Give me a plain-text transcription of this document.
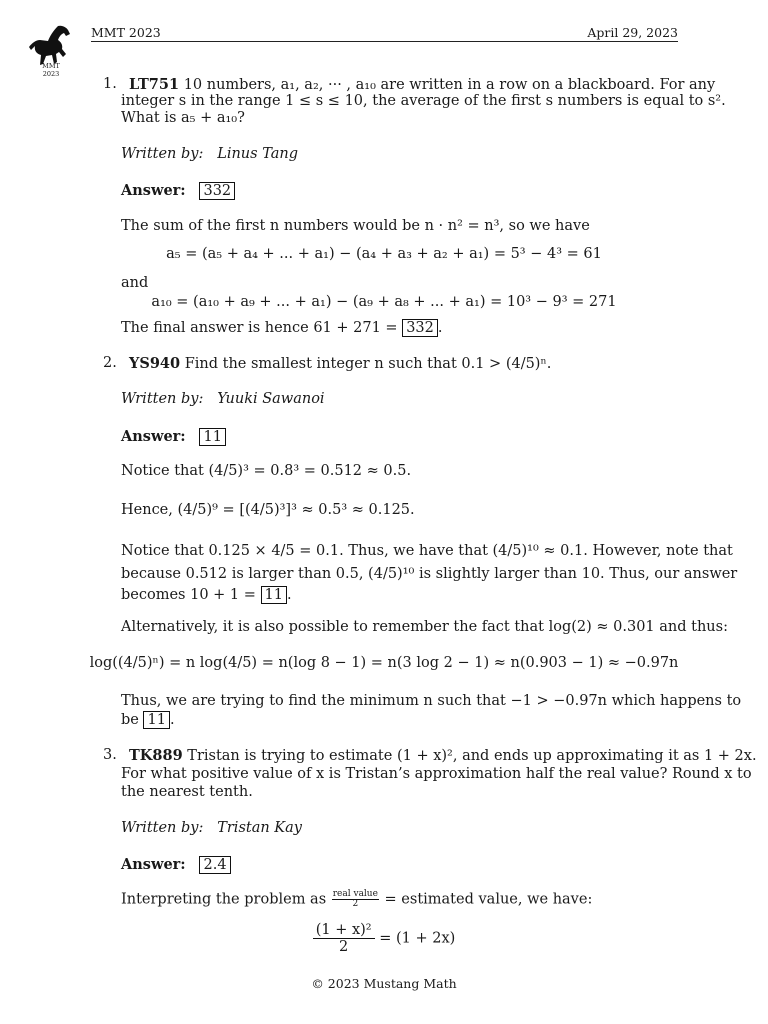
MMT
2023
MMT 2023	April 29, 2023
1. LT751 10 numbers, a₁, a₂, ··· , a₁₀ are written in a row on a blackboard. For any
integer s in the range 1 ≤ s ≤ 10, the average of the first s numbers is equal to s².
What is a₅ + a₁₀?
Written by: Linus Tang
Answer: 332
The sum of the first n numbers would be n · n² = n³, so we have
a₅ = (a₅ + a₄ + ... + a₁) − (a₄ + a₃ + a₂ + a₁) = 5³ − 4³ = 61
and
a₁₀ = (a₁₀ + a₉ + ... + a₁) − (a₉ + a₈ + ... + a₁) = 10³ − 9³ = 271
The final answer is hence 61 + 271 = 332 .
2. YS940 Find the smallest integer n such that 0.1 > (4/5)ⁿ.
Written by: Yuuki Sawanoi
Answer: 11
Notice that (4/5)³ = 0.8³ = 0.512 ≈ 0.5.
Hence, (4/5)⁹ = [(4/5)³]³ ≈ 0.5³ ≈ 0.125.
Notice that 0.125 × 4/5 = 0.1. Thus, we have that (4/5)¹⁰ ≈ 0.1. However, note that
because 0.512 is larger than 0.5, (4/5)¹⁰ is slightly larger than 10. Thus, our answer
becomes 10 + 1 = 11 .
Alternatively, it is also possible to remember the fact that log(2) ≈ 0.301 and thus:
log((4/5)ⁿ) = n log(4/5) = n(log 8 − 1) = n(3 log 2 − 1) ≈ n(0.903 − 1) ≈ −0.97n
Thus, we are trying to find the minimum n such that −1 > −0.97n which happens to
be 11 .
3. TK889 Tristan is trying to estimate (1 + x)², and ends up approximating it as 1 + 2x.
For what positive value of x is Tristan’s approximation half the real value? Round x to
the nearest tenth.
Written by: Tristan Kay
Answer: 2.4
Interpreting the problem as $\frac{\text{real value}}{2}$ = estimated value, we have:
$\frac{\text{(1 + x)²}}{2} = (1 + 2x)$
© 2023 Mustang Math
